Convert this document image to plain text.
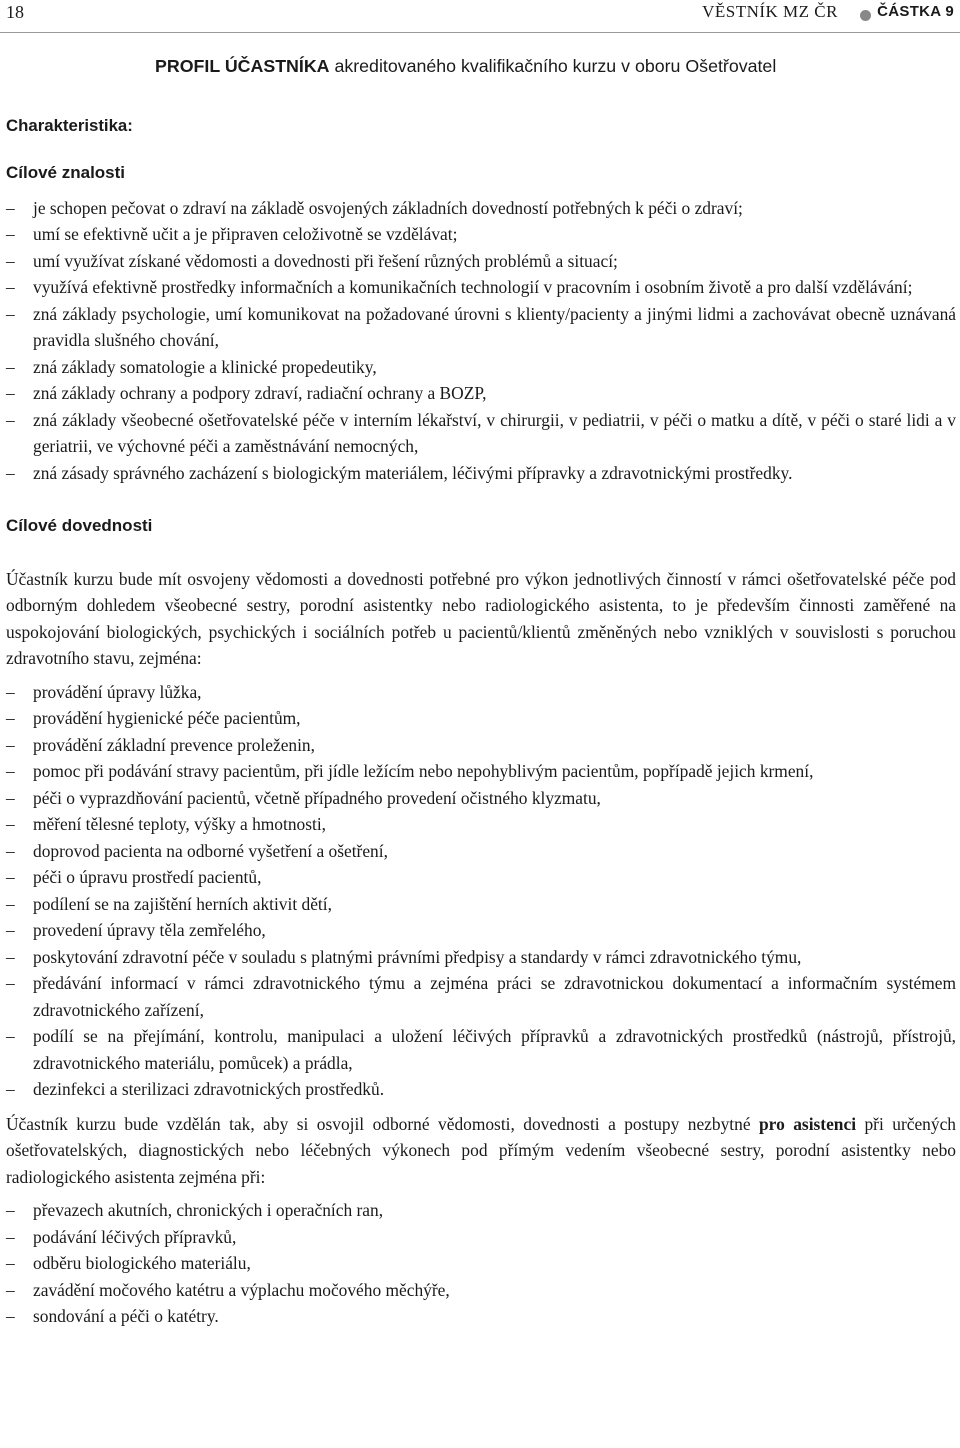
18	VĚSTNÍK MZ ČR	ČÁSTKA 9
PROFIL ÚČASTNÍKA akreditovaného kvalifikačního kurzu v oboru Ošetřovatel
Charakteristika:
Cílové znalosti
– je schopen pečovat o zdraví na základě osvojených základních dovedností potřebných k péči o zdraví;
– umí se efektivně učit a je připraven celoživotně se vzdělávat;
– umí využívat získané vědomosti a dovednosti při řešení různých problémů a situací;
– využívá efektivně prostředky informačních a komunikačních technologií v pracovním i osobním životě a pro další vzdělávání;
– zná základy psychologie, umí komunikovat na požadované úrovni s klienty/pacienty a jinými lidmi a zachovávat obecně uznávaná pravidla slušného chování,
– zná základy somatologie a klinické propedeutiky,
– zná základy ochrany a podpory zdraví, radiační ochrany a BOZP,
– zná základy všeobecné ošetřovatelské péče v interním lékařství, v chirurgii, v pediatrii, v péči o matku a dítě, v péči o staré lidi a v geriatrii, ve výchovné péči a zaměstnávání nemocných,
– zná zásady správného zacházení s biologickým materiálem, léčivými přípravky a zdravotnickými prostředky.
Cílové dovednosti

Účastník kurzu bude mít osvojeny vědomosti a dovednosti potřebné pro výkon jednotlivých činností v rámci ošetřovatelské péče pod odborným dohledem všeobecné sestry, porodní asistentky nebo radiologického asistenta, to je především činnosti zaměřené na uspokojování biologických, psychických i sociálních potřeb u pacientů/klientů změněných nebo vzniklých v souvislosti s poruchou zdravotního stavu, zejména:

– provádění úpravy lůžka,
– provádění hygienické péče pacientům,
– provádění základní prevence proleženin,
– pomoc při podávání stravy pacientům, při jídle ležícím nebo nepohyblivým pacientům, popřípadě jejich krmení,
– péči o vyprazdňování pacientů, včetně případného provedení očistného klyzmatu,
– měření tělesné teploty, výšky a hmotnosti,
– doprovod pacienta na odborné vyšetření a ošetření,
– péči o úpravu prostředí pacientů,
– podílení se na zajištění herních aktivit dětí,
– provedení úpravy těla zemřelého,
– poskytování zdravotní péče v souladu s platnými právními předpisy a standardy v rámci zdravotnického týmu,
– předávání informací v rámci zdravotnického týmu a zejména práci se zdravotnickou dokumentací a informačním systémem zdravotnického zařízení,
– podílí se na přejímání, kontrolu, manipulaci a uložení léčivých přípravků a zdravotnických prostředků (nástrojů, přístrojů, zdravotnického materiálu, pomůcek) a prádla,
– dezinfekci a sterilizaci zdravotnických prostředků.

Účastník kurzu bude vzdělán tak, aby si osvojil odborné vědomosti, dovednosti a postupy nezbytné pro asistenci při určených ošetřovatelských, diagnostických nebo léčebných výkonech pod přímým vedením všeobecné sestry, porodní asistentky nebo radiologického asistenta zejména při:

– převazech akutních, chronických i operačních ran,
– podávání léčivých přípravků,
– odběru biologického materiálu,
– zavádění močového katétru a výplachu močového měchýře,
– sondování a péči o katétry.
